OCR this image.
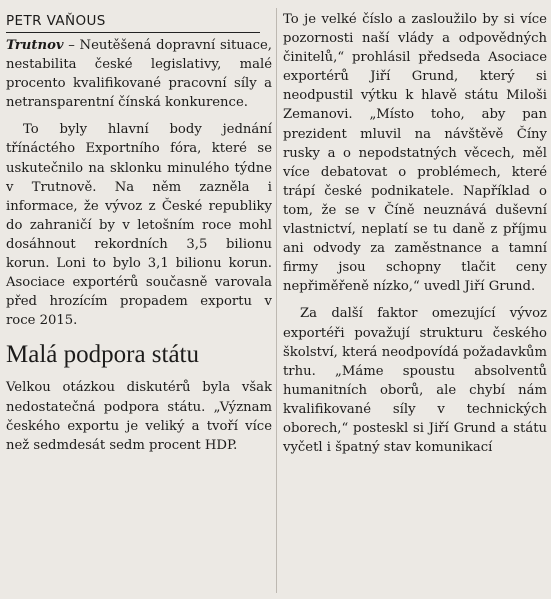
PETR VAŇOUS

Trutnov – Neutěšená dopravní situace, nestabilita české legislativy, malé procento kvalifikované pracovní síly a netransparentní čínská konkurence.

To byly hlavní body jednání třínáctého Exportního fóra, které se uskutečnilo na sklonku minulého týdne v Trutnově. Na něm zazněla i informace, že vývoz z České republiky do zahraničí by v letošním roce mohl dosáhnout rekordních 3,5 bilionu korun. Loni to bylo 3,1 bilionu korun. Asociace exportérů současně varovala před hrozícím propadem exportu v roce 2015.

Malá podpora státu

Velkou otázkou diskutérů byla však nedostatečná podpora státu. „Význam českého exportu je veliký a tvoří více než sedmdesát sedm procent HDP.

To je velké číslo a zasloužilo by si více pozornosti naší vlády a odpovědných činitelů,“ prohlásil předseda Asociace exportérů Jiří Grund, který si neodpustil výtku k hlavě státu Miloši Zemanovi. „Místo toho, aby pan prezident mluvil na návštěvě Číny rusky a o nepodstatných věcech, měl více debatovat o problémech, které trápí české podnikatele. Například o tom, že se v Číně neuznává duševní vlastnictví, neplatí se tu daně z příjmu ani odvody za zaměstnance a tamní firmy jsou schopny tlačit ceny nepřiměřeně nízko,“ uvedl Jiří Grund.

Za další faktor omezující vývoz exportéři považují strukturu českého školství, která neodpovídá požadavkům trhu. „Máme spoustu absolventů humanitních oborů, ale chybí nám kvalifikované síly v technických oborech,“ posteskl si Jiří Grund a státu vyčetl i špatný stav komunikací
